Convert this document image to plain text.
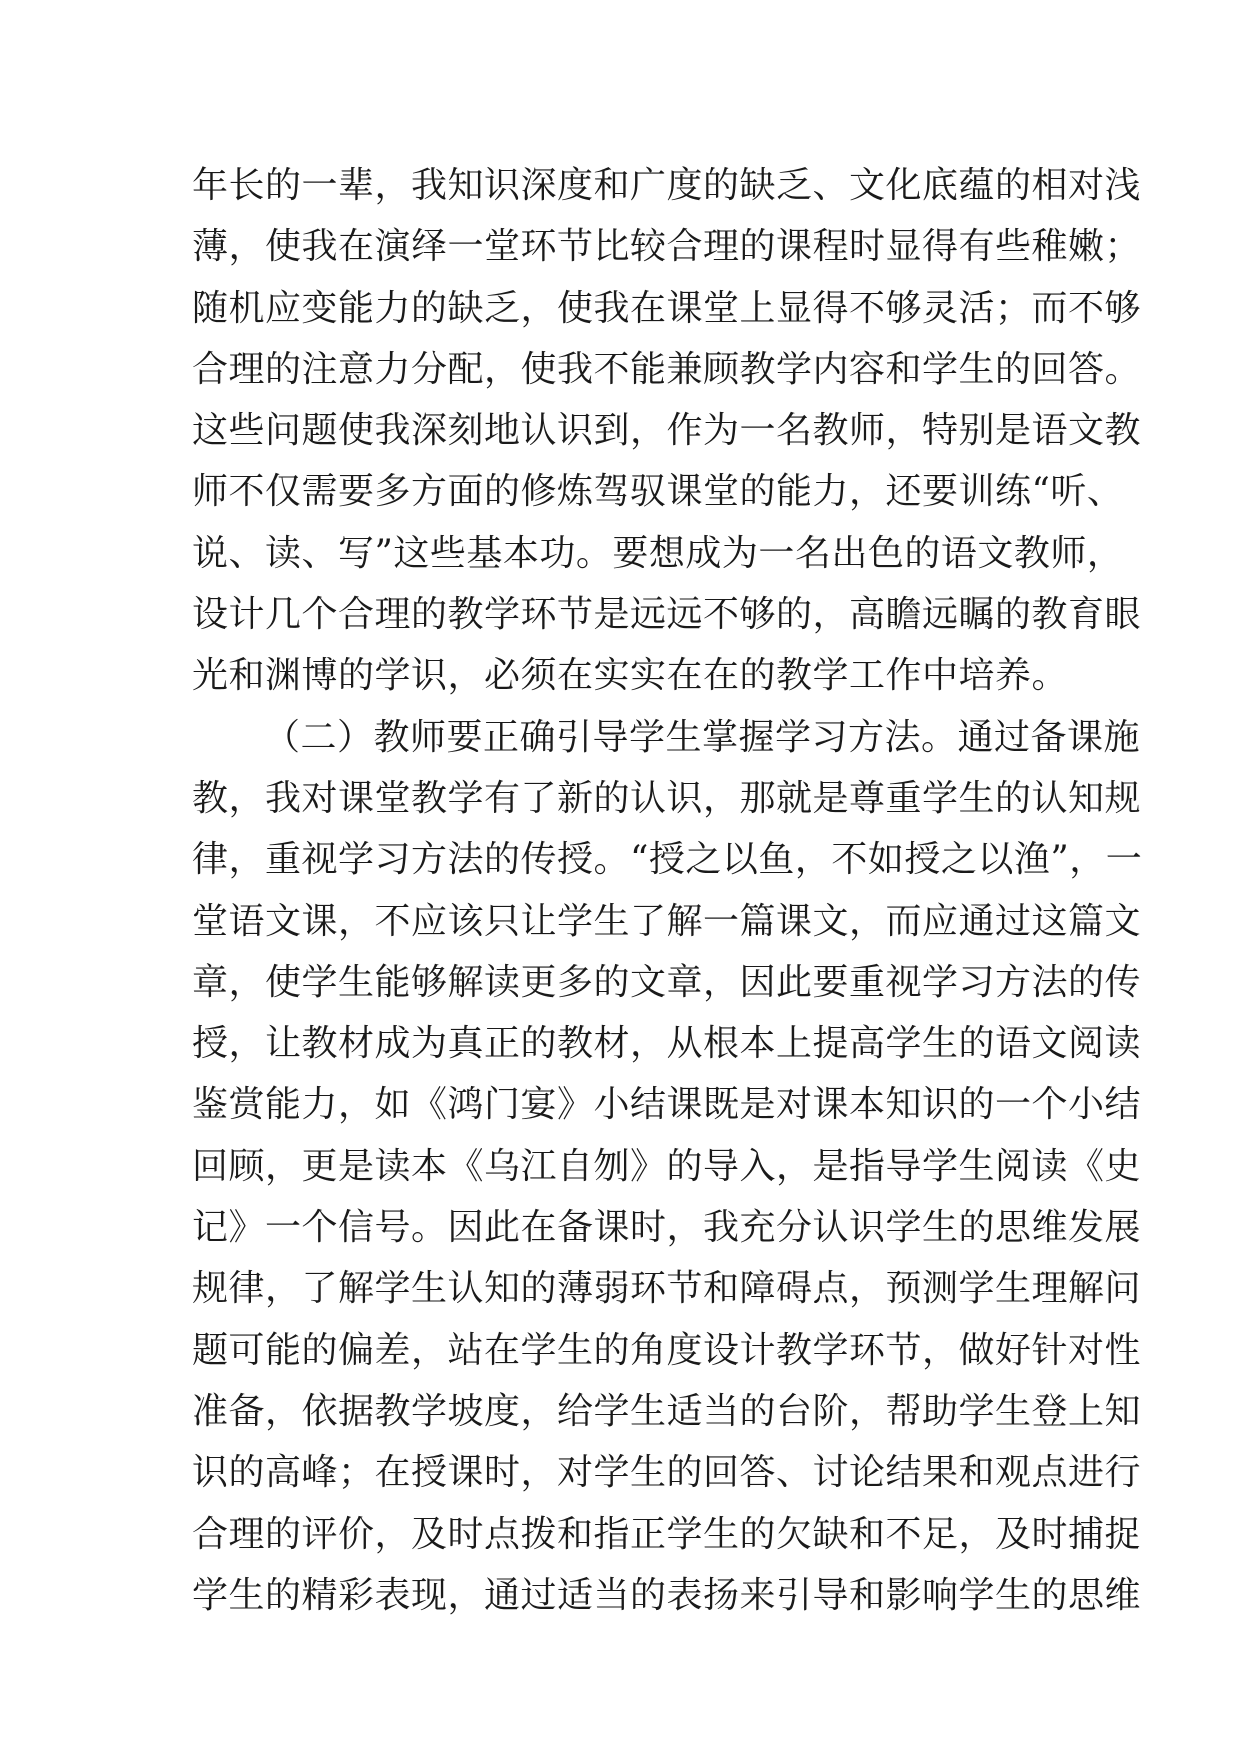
年长的一辈，我知识深度和广度的缺乏、文化底蕴的相对浅
薄，使我在演绎一堂环节比较合理的课程时显得有些稚嫩；
随机应变能力的缺乏，使我在课堂上显得不够灵活；而不够
合理的注意力分配，使我不能兼顾教学内容和学生的回答。
这些问题使我深刻地认识到，作为一名教师，特别是语文教
师不仅需要多方面的修炼驾驭课堂的能力，还要训练“听、
说、读、写”这些基本功。要想成为一名出色的语文教师，
设计几个合理的教学环节是远远不够的，高瞻远瞩的教育眼
光和渊博的学识，必须在实实在在的教学工作中培养。
（二）教师要正确引导学生掌握学习方法。通过备课施
教，我对课堂教学有了新的认识，那就是尊重学生的认知规
律，重视学习方法的传授。“授之以鱼，不如授之以渔”，一
堂语文课，不应该只让学生了解一篇课文，而应通过这篇文
章，使学生能够解读更多的文章，因此要重视学习方法的传
授，让教材成为真正的教材，从根本上提高学生的语文阅读
鉴赏能力，如《鸿门宴》小结课既是对课本知识的一个小结
回顾，更是读本《乌江自刎》的导入，是指导学生阅读《史
记》一个信号。因此在备课时，我充分认识学生的思维发展
规律，了解学生认知的薄弱环节和障碍点，预测学生理解问
题可能的偏差，站在学生的角度设计教学环节，做好针对性
准备，依据教学坡度，给学生适当的台阶，帮助学生登上知
识的高峰；在授课时，对学生的回答、讨论结果和观点进行
合理的评价，及时点拨和指正学生的欠缺和不足，及时捕捉
学生的精彩表现，通过适当的表扬来引导和影响学生的思维
